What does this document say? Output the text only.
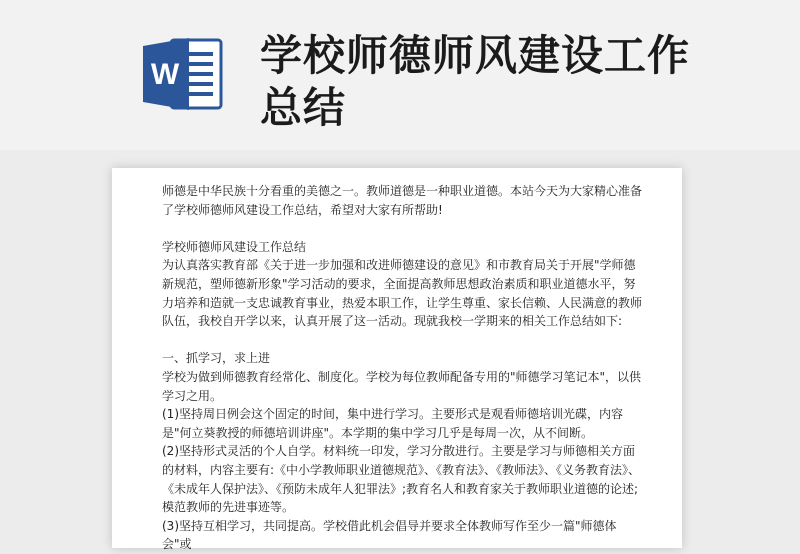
W 学校师德师风建设工作总结

师德是中华民族十分看重的美德之一。教师道德是一种职业道德。本站今天为大家精心准备了学校师德师风建设工作总结，希望对大家有所帮助!

学校师德师风建设工作总结

为认真落实教育部《关于进一步加强和改进师德建设的意见》和市教育局关于开展"学师德新规范，塑师德新形象"学习活动的要求，全面提高教师思想政治素质和职业道德水平，努力培养和造就一支忠诚教育事业，热爱本职工作，让学生尊重、家长信赖、人民满意的教师队伍，我校自开学以来，认真开展了这一活动。现就我校一学期来的相关工作总结如下:

一、抓学习，求上进

学校为做到师德教育经常化、制度化。学校为每位教师配备专用的"师德学习笔记本"，以供学习之用。

(1)坚持周日例会这个固定的时间，集中进行学习。主要形式是观看师德培训光碟，内容是"何立葵教授的师德培训讲座"。本学期的集中学习几乎是每周一次，从不间断。

(2)坚持形式灵活的个人自学。材料统一印发，学习分散进行。主要是学习与师德相关方面的材料，内容主要有:《中小学教师职业道德规范》、《教育法》、《教师法》、《义务教育法》、《未成年人保护法》、《预防未成年人犯罪法》;教育名人和教育家关于教师职业道德的论述;模范教师的先进事迹等。

(3)坚持互相学习，共同提高。学校借此机会倡导并要求全体教师写作至少一篇"师德体会"或
